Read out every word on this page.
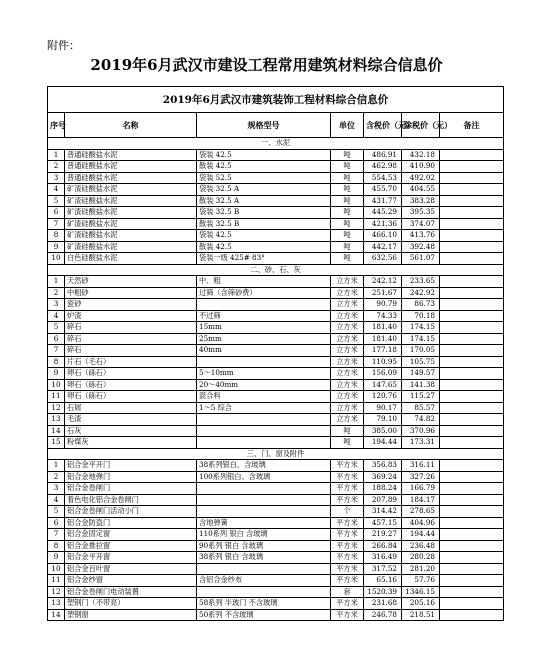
附件：
2019年6月武汉市建设工程常用建筑材料综合信息价
2019年6月武汉市建筑装饰工程材料综合信息价						
序号	名称	规格型号	单位	含税价（元）	除税价（元）	备注
一、水泥						
1	普通硅酸盐水泥	袋装 42.5	吨	486.91	432.18	
2	普通硅酸盐水泥	散装 42.5	吨	462.98	410.90	
3	普通硅酸盐水泥	袋装 52.5	吨	554.53	492.02	
4	矿渣硅酸盐水泥	袋装 32.5 A	吨	455.70	404.55	
5	矿渣硅酸盐水泥	散装 32.5 A	吨	431.77	383.28	
6	矿渣硅酸盐水泥	袋装 32.5 B	吨	445.29	395.35	
7	矿渣硅酸盐水泥	散装 32.5 B	吨	421.36	374.07	
8	矿渣硅酸盐水泥	袋装 42.5	吨	466.10	413.76	
9	矿渣硅酸盐水泥	散装 42.5	吨	442.17	392.48	
10	白色硅酸盐水泥	袋装一级 425# 83°	吨	632.56	561.07	
二、砂、石、灰						
1	天然砂	中、粗	立方米	242.12	233.65	
2	中粗砂	过筛（含筛砂费）	立方米	251.67	242.92	
3	瓷砂		立方米	90.79	86.73	
4	炉渣	不过筛	立方米	74.33	70.18	
5	碎石	15mm	立方米	181.40	174.15	
6	碎石	25mm	立方米	181.40	174.15	
7	碎石	40mm	立方米	177.18	170.05	
8	片石（毛石）		立方米	110.95	105.75	
9	卵石（砾石）	5～10mm	立方米	156.09	149.57	
10	卵石（砾石）	20～40mm	立方米	147.65	141.38	
11	卵石（砾石）	混合料	立方米	120.76	115.27	
12	石屑	1～5 综合	立方米	90.17	85.57	
13	毛渣		立方米	79.10	74.82	
14	石灰		吨	385.00	370.96	
15	粉煤灰		吨	194.44	173.31	
三、门、窗及附件						
1	铝合金平开门	38系列银白、含玻璃	平方米	356.83	316.11	
2	铝合金地弹门	100系列银白、含玻璃	平方米	369.24	327.26	
3	铝合金卷闸门		平方米	188.24	166.79	
4	着色电化铝合金卷闸门		平方米	207.89	184.17	
5	铝合金卷闸门活动小门		个	314.42	278.65	
6	铝合金防盗门	含地弹簧	平方米	457.15	404.96	
7	铝合金固定窗	110系列 银白 含玻璃	平方米	219.27	194.44	
8	铝合金推拉窗	90系列 银白 含玻璃	平方米	266.84	236.48	
9	铝合金平开窗	38系列 银白 含玻璃	平方米	316.49	280.28	
10	铝合金百叶窗		平方米	317.52	281.20	
11	铝合金纱窗	含铝合金纱布	平方米	65.16	57.76	
12	铝合金卷闸门电动装置		套	1520.39	1346.15	
13	塑钢门（不带亮）	58系列 半玻门 不含玻璃	平方米	231.68	205.16	
14	塑钢窗	50系列 不含玻璃	平方米	246.78	218.51	
